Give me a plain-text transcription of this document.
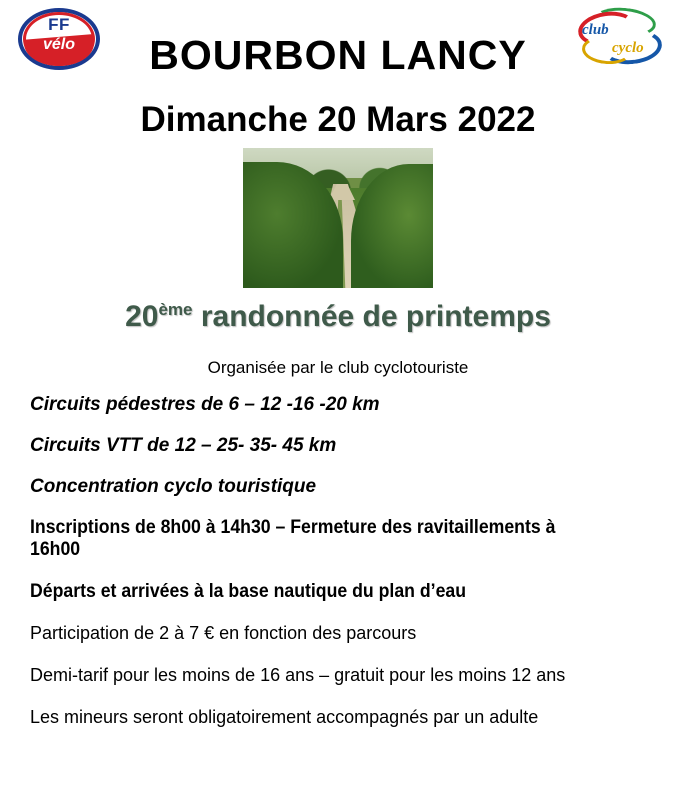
FF
vélo
club
cyclo
BOURBON LANCY
Dimanche 20 Mars 2022
20ème randonnée de printemps
Organisée par le club cyclotouriste
Circuits pédestres de 6 – 12 -16 -20 km
Circuits VTT de 12 – 25- 35- 45 km
Concentration cyclo touristique
Inscriptions de 8h00 à 14h30 – Fermeture des ravitaillements à 16h00
Départs et arrivées à la base nautique du plan d’eau
Participation de 2 à 7 € en fonction des parcours
Demi-tarif pour les moins de 16 ans – gratuit pour les moins 12 ans
Les mineurs seront obligatoirement accompagnés par un adulte
